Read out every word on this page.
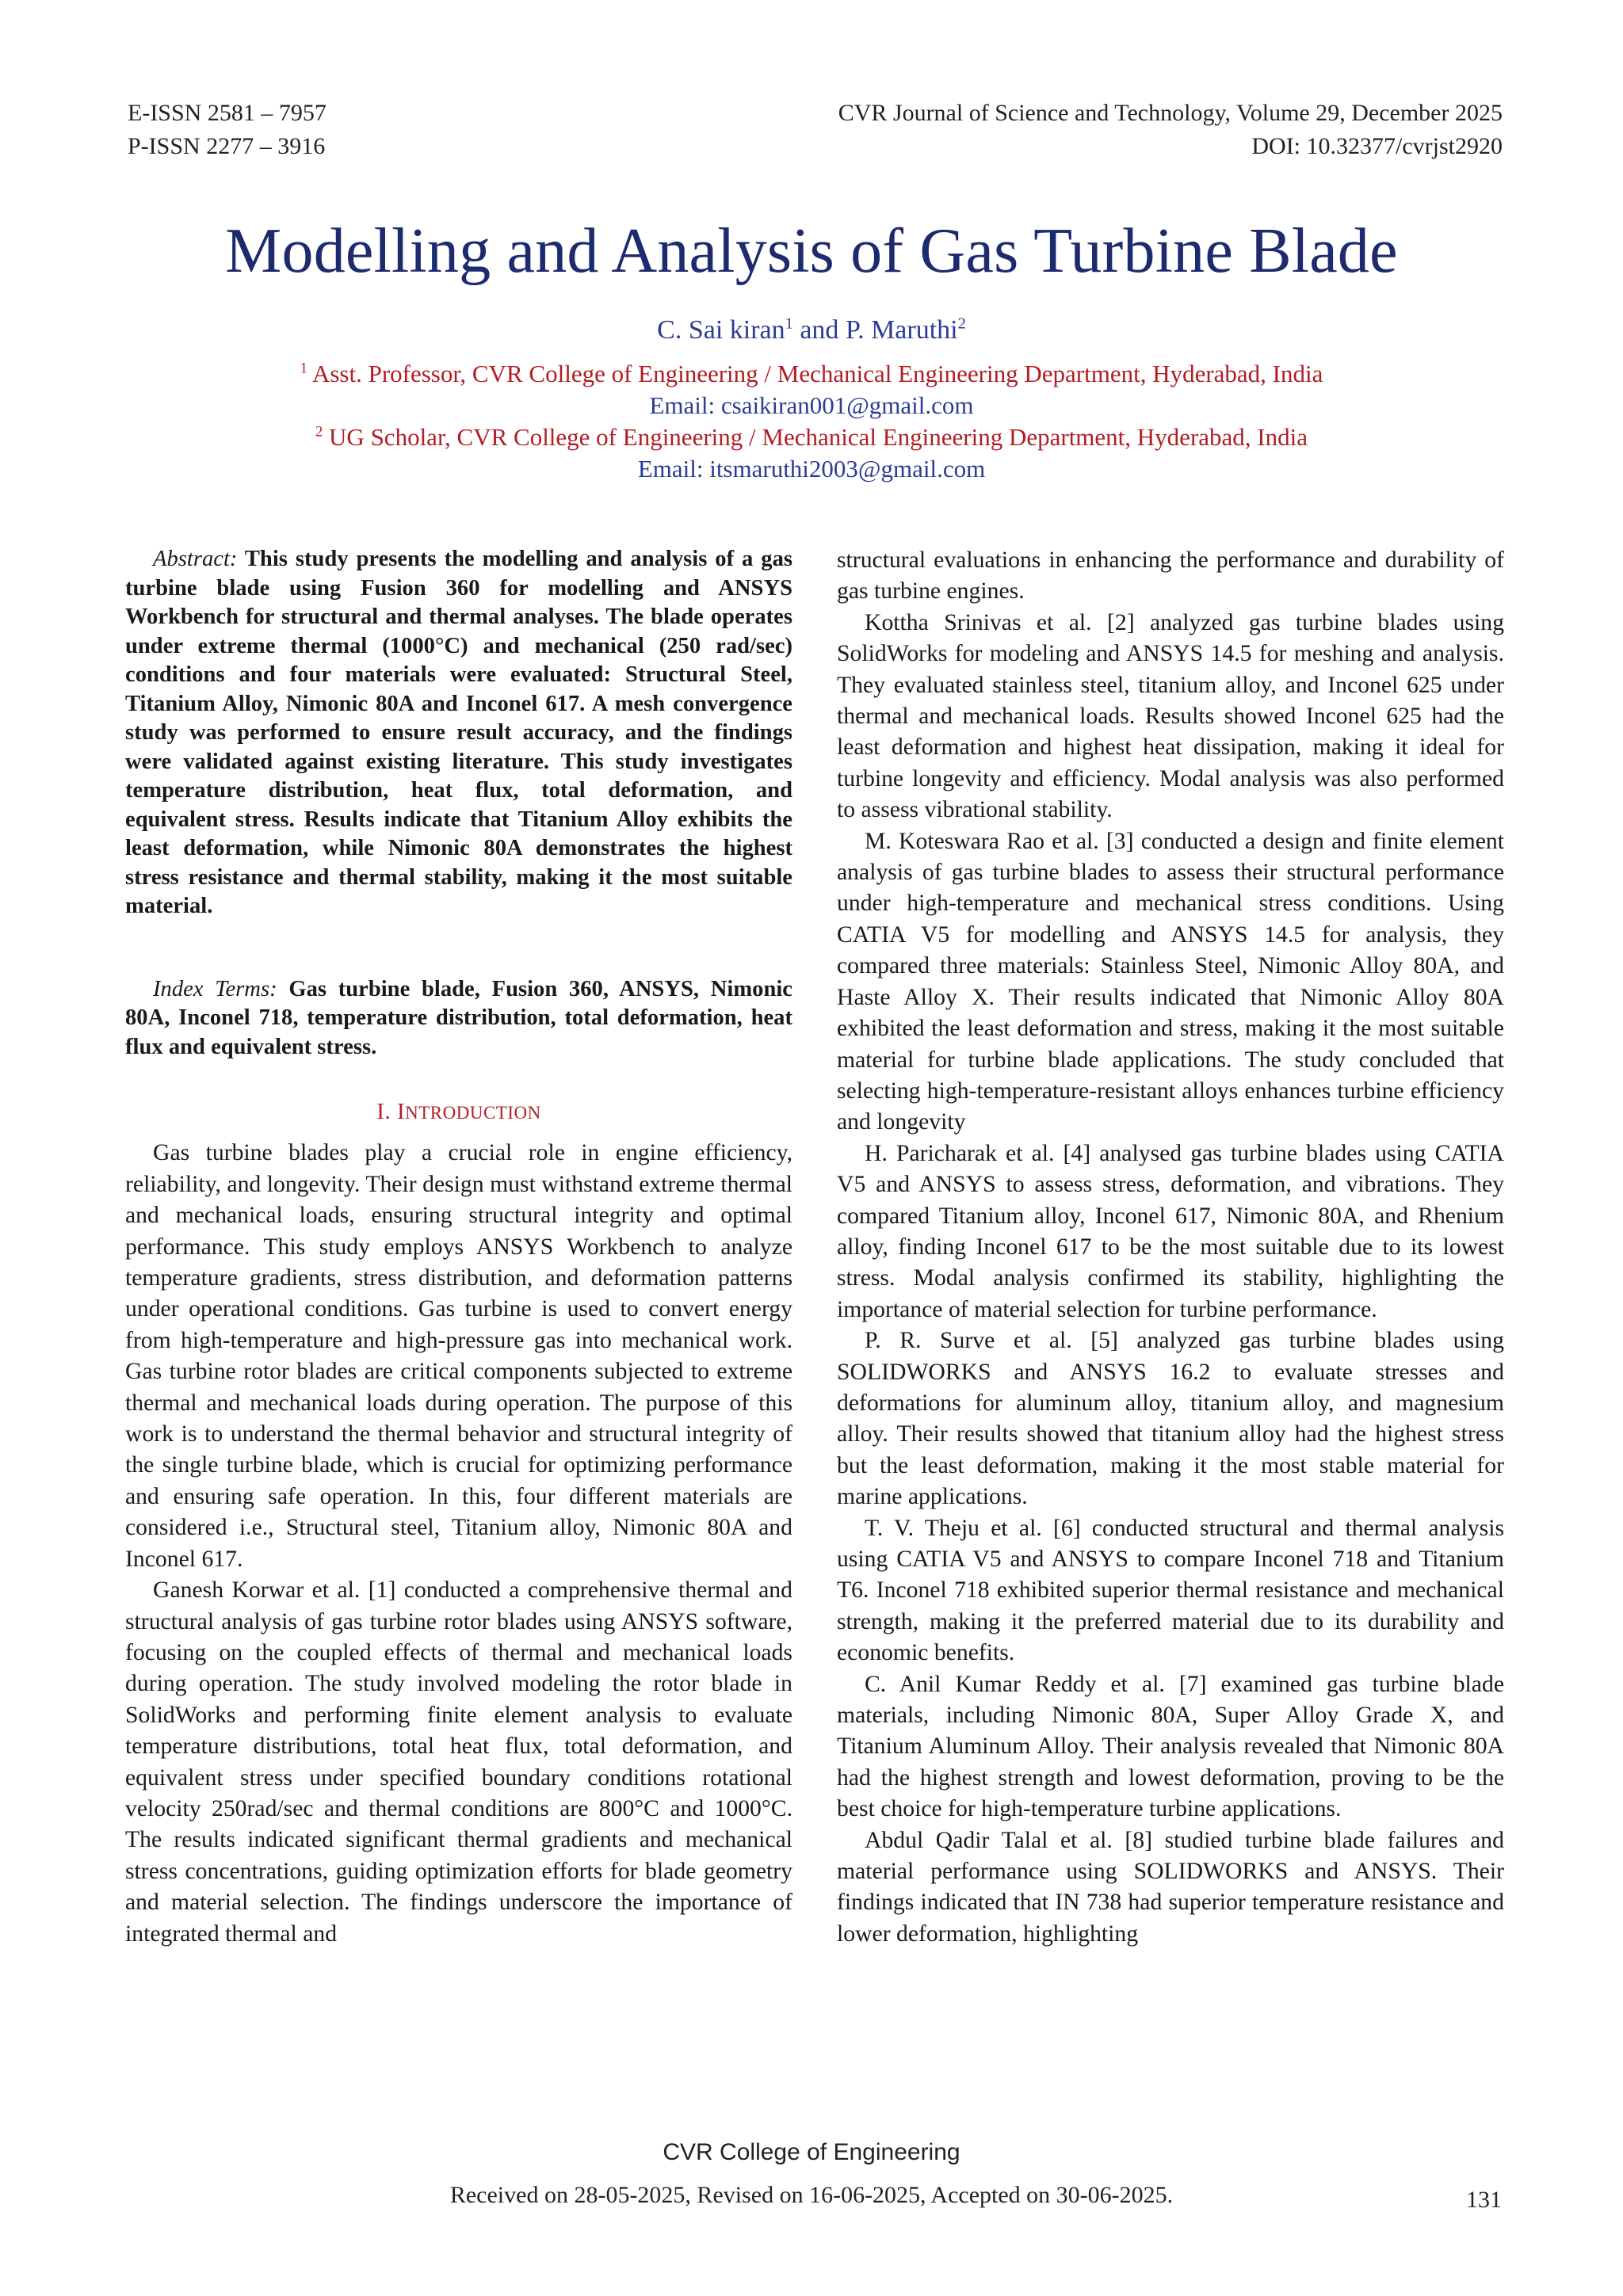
E-ISSN 2581 – 7957
P-ISSN 2277 – 3916
CVR Journal of Science and Technology, Volume 29, December 2025
DOI: 10.32377/cvrjst2920
Modelling and Analysis of Gas Turbine Blade
C. Sai kiran$^1$ and P. Maruthi$^2$
$^1$ Asst. Professor, CVR College of Engineering / Mechanical Engineering Department, Hyderabad, India
Email: csaikiran001@gmail.com
$^2$ UG Scholar, CVR College of Engineering / Mechanical Engineering Department, Hyderabad, India
Email: itsmaruthi2003@gmail.com

Abstract: This study presents the modelling and analysis of a gas turbine blade using Fusion 360 for modelling and ANSYS Workbench for structural and thermal analyses. The blade operates under extreme thermal (1000°C) and mechanical (250 rad/sec) conditions and four materials were evaluated: Structural Steel, Titanium Alloy, Nimonic 80A and Inconel 617. A mesh convergence study was performed to ensure result accuracy, and the findings were validated against existing literature. This study investigates temperature distribution, heat flux, total deformation, and equivalent stress. Results indicate that Titanium Alloy exhibits the least deformation, while Nimonic 80A demonstrates the highest stress resistance and thermal stability, making it the most suitable material.

Index Terms: Gas turbine blade, Fusion 360, ANSYS, Nimonic 80A, Inconel 718, temperature distribution, total deformation, heat flux and equivalent stress.

I. INTRODUCTION

Gas turbine blades play a crucial role in engine efficiency, reliability, and longevity. Their design must withstand extreme thermal and mechanical loads, ensuring structural integrity and optimal performance. This study employs ANSYS Workbench to analyze temperature gradients, stress distribution, and deformation patterns under operational conditions. Gas turbine is used to convert energy from high-temperature and high-pressure gas into mechanical work. Gas turbine rotor blades are critical components subjected to extreme thermal and mechanical loads during operation. The purpose of this work is to understand the thermal behavior and structural integrity of the single turbine blade, which is crucial for optimizing performance and ensuring safe operation. In this, four different materials are considered i.e., Structural steel, Titanium alloy, Nimonic 80A and Inconel 617.

Ganesh Korwar et al. [1] conducted a comprehensive thermal and structural analysis of gas turbine rotor blades using ANSYS software, focusing on the coupled effects of thermal and mechanical loads during operation. The study involved modeling the rotor blade in SolidWorks and performing finite element analysis to evaluate temperature distributions, total heat flux, total deformation, and equivalent stress under specified boundary conditions rotational velocity 250rad/sec and thermal conditions are 800°C and 1000°C. The results indicated significant thermal gradients and mechanical stress concentrations, guiding optimization efforts for blade geometry and material selection. The findings underscore the importance of integrated thermal and

structural evaluations in enhancing the performance and durability of gas turbine engines.

Kottha Srinivas et al. [2] analyzed gas turbine blades using SolidWorks for modeling and ANSYS 14.5 for meshing and analysis. They evaluated stainless steel, titanium alloy, and Inconel 625 under thermal and mechanical loads. Results showed Inconel 625 had the least deformation and highest heat dissipation, making it ideal for turbine longevity and efficiency. Modal analysis was also performed to assess vibrational stability.

M. Koteswara Rao et al. [3] conducted a design and finite element analysis of gas turbine blades to assess their structural performance under high-temperature and mechanical stress conditions. Using CATIA V5 for modelling and ANSYS 14.5 for analysis, they compared three materials: Stainless Steel, Nimonic Alloy 80A, and Haste Alloy X. Their results indicated that Nimonic Alloy 80A exhibited the least deformation and stress, making it the most suitable material for turbine blade applications. The study concluded that selecting high-temperature-resistant alloys enhances turbine efficiency and longevity

H. Paricharak et al. [4] analysed gas turbine blades using CATIA V5 and ANSYS to assess stress, deformation, and vibrations. They compared Titanium alloy, Inconel 617, Nimonic 80A, and Rhenium alloy, finding Inconel 617 to be the most suitable due to its lowest stress. Modal analysis confirmed its stability, highlighting the importance of material selection for turbine performance.

P. R. Surve et al. [5] analyzed gas turbine blades using SOLIDWORKS and ANSYS 16.2 to evaluate stresses and deformations for aluminum alloy, titanium alloy, and magnesium alloy. Their results showed that titanium alloy had the highest stress but the least deformation, making it the most stable material for marine applications.

T. V. Theju et al. [6] conducted structural and thermal analysis using CATIA V5 and ANSYS to compare Inconel 718 and Titanium T6. Inconel 718 exhibited superior thermal resistance and mechanical strength, making it the preferred material due to its durability and economic benefits.

C. Anil Kumar Reddy et al. [7] examined gas turbine blade materials, including Nimonic 80A, Super Alloy Grade X, and Titanium Aluminum Alloy. Their analysis revealed that Nimonic 80A had the highest strength and lowest deformation, proving to be the best choice for high-temperature turbine applications.

Abdul Qadir Talal et al. [8] studied turbine blade failures and material performance using SOLIDWORKS and ANSYS. Their findings indicated that IN 738 had superior temperature resistance and lower deformation, highlighting

CVR College of Engineering
Received on 28-05-2025, Revised on 16-06-2025, Accepted on 30-06-2025.	131
